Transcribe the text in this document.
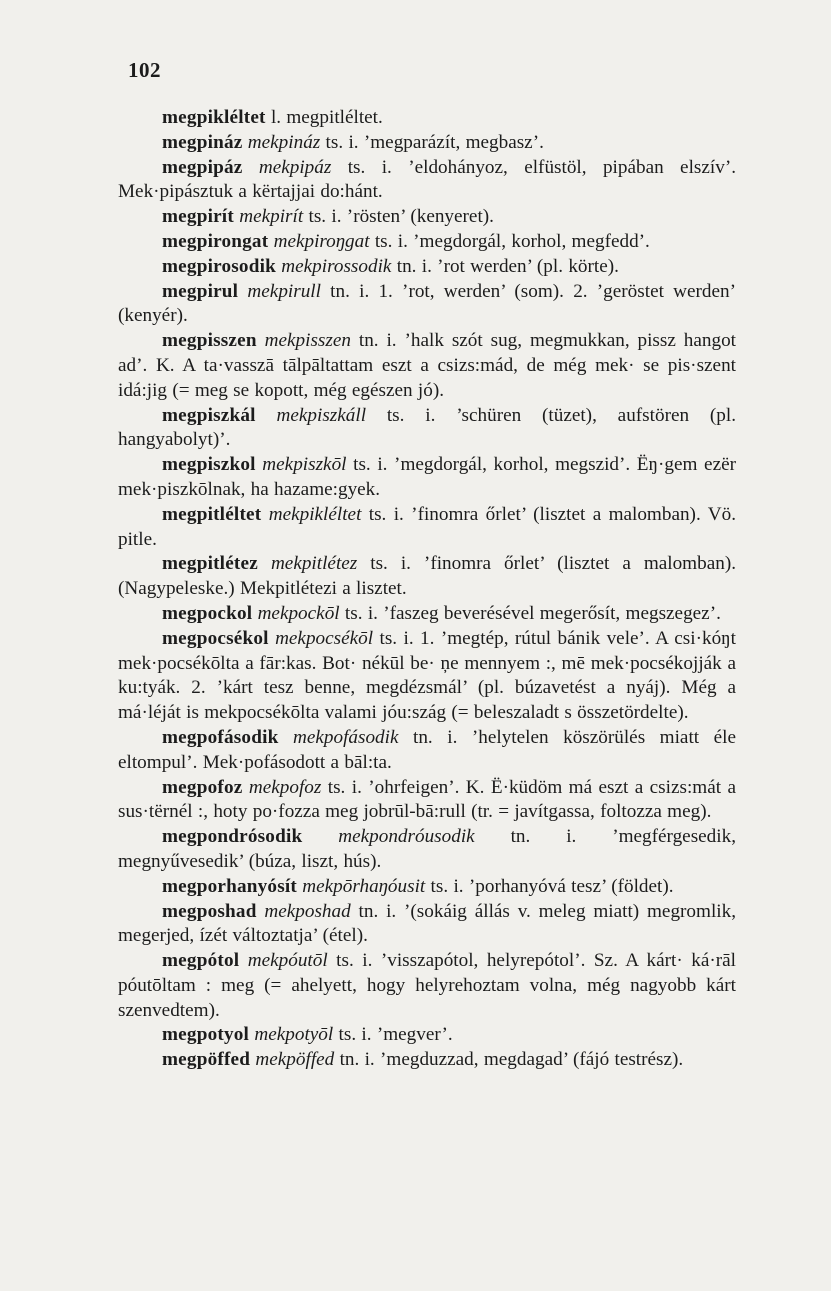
102

megpikléltet l. megpitléltet.

megpináz mekpináz ts. i. ’megparázít, megbasz’.

megpipáz mekpipáz ts. i. ’eldohányoz, elfüstöl, pipában elszív’. Mek·pipásztuk a kërtajjai do:hánt.

megpirít mekpirít ts. i. ’rösten’ (kenyeret).

megpirongat mekpiroŋgat ts. i. ’megdorgál, korhol, megfedd’.

megpirosodik mekpirossodik tn. i. ’rot werden’ (pl. körte).

megpirul mekpirull tn. i. 1. ’rot, werden’ (som). 2. ’geröstet werden’ (kenyér).

megpisszen mekpisszen tn. i. ’halk szót sug, megmukkan, pissz hangot ad’. K. A ta·vasszā tālpāltattam eszt a csizs:mád, de még mek· se pis·szent idá:jig (= meg se kopott, még egészen jó).

megpiszkál mekpiszkáll ts. i. ’schüren (tüzet), aufstören (pl. hangyabolyt)’.

megpiszkol mekpiszkōl ts. i. ’megdorgál, korhol, megszid’. Ёŋ·gem ezër mek·piszkōlnak, ha hazame:gyek.

megpitléltet mekpikléltet ts. i. ’finomra őrlet’ (lisztet a malomban). Vö. pitle.

megpitlétez mekpitlétez ts. i. ’finomra őrlet’ (lisztet a malomban). (Nagypeleske.) Mekpitlétezi a lisztet.

megpockol mekpockōl ts. i. ’faszeg beverésével megerősít, megszegez’.

megpocsékol mekpocsékōl ts. i. 1. ’megtép, rútul bánik vele’. A csi·kóŋt mek·pocsékōlta a fār:kas. Bot· nékūl be· ņe mennyem :, mē mek·pocsékojják a ku:tyák. 2. ’kárt tesz benne, megdézsmál’ (pl. búzavetést a nyáj). Még a má·léját is mekpocsékōlta valami jóu:szág (= beleszaladt s összetördelte).

megpofásodik mekpofásodik tn. i. ’helytelen köszörülés miatt éle eltompul’. Mek·pofásodott a bāl:ta.

megpofoz mekpofoz ts. i. ’ohrfeigen’. K. Ё·küdöm má eszt a csizs:mát a sus·tërnél :, hoty po·fozza meg jobrūl-bā:rull (tr. = javítgassa, foltozza meg).

megpondrósodik mekpondróusodik tn. i. ’megférgesedik, megnyűvesedik’ (búza, liszt, hús).

megporhanyósít mekpōrhaŋóusit ts. i. ’porhanyóvá tesz’ (földet).

megposhad mekposhad tn. i. ’(sokáig állás v. meleg miatt) megromlik, megerjed, ízét változtatja’ (étel).

megpótol mekpóutōl ts. i. ’visszapótol, helyrepótol’. Sz. A kárt· ká·rāl póutōltam : meg (= ahelyett, hogy helyrehoztam volna, még nagyobb kárt szenvedtem).

megpotyol mekpotyōl ts. i. ’megver’.

megpöffed mekpöffed tn. i. ’megduzzad, megdagad’ (fájó testrész).
